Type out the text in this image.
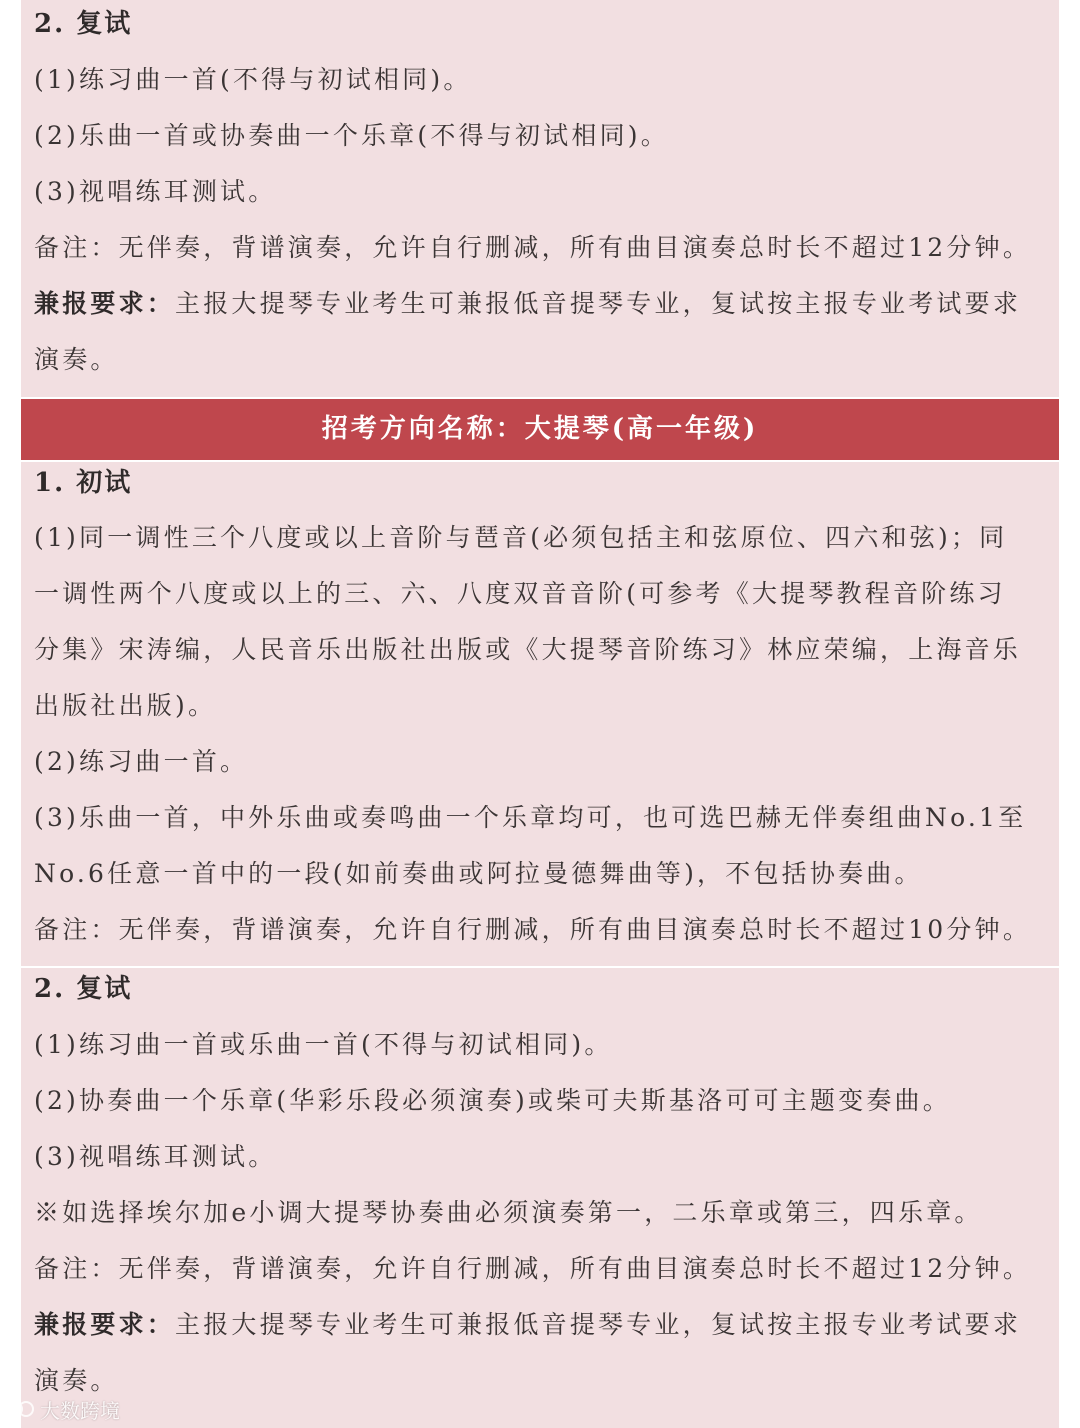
2. 复试
(1)练习曲一首(不得与初试相同)。
(2)乐曲一首或协奏曲一个乐章(不得与初试相同)。
(3)视唱练耳测试。
备注：无伴奏，背谱演奏，允许自行删减，所有曲目演奏总时长不超过12分钟。
兼报要求：主报大提琴专业考生可兼报低音提琴专业，复试按主报专业考试要求
演奏。
招考方向名称：大提琴(高一年级)
1. 初试
(1)同一调性三个八度或以上音阶与琶音(必须包括主和弦原位、四六和弦)；同
一调性两个八度或以上的三、六、八度双音音阶(可参考《大提琴教程音阶练习
分集》宋涛编，人民音乐出版社出版或《大提琴音阶练习》林应荣编，上海音乐
出版社出版)。
(2)练习曲一首。
(3)乐曲一首，中外乐曲或奏鸣曲一个乐章均可，也可选巴赫无伴奏组曲No.1至
No.6任意一首中的一段(如前奏曲或阿拉曼德舞曲等)，不包括协奏曲。
备注：无伴奏，背谱演奏，允许自行删减，所有曲目演奏总时长不超过10分钟。
2. 复试
(1)练习曲一首或乐曲一首(不得与初试相同)。
(2)协奏曲一个乐章(华彩乐段必须演奏)或柴可夫斯基洛可可主题变奏曲。
(3)视唱练耳测试。
※如选择埃尔加e小调大提琴协奏曲必须演奏第一，二乐章或第三，四乐章。
备注：无伴奏，背谱演奏，允许自行删减，所有曲目演奏总时长不超过12分钟。
兼报要求：主报大提琴专业考生可兼报低音提琴专业，复试按主报专业考试要求
演奏。
大数跨境
